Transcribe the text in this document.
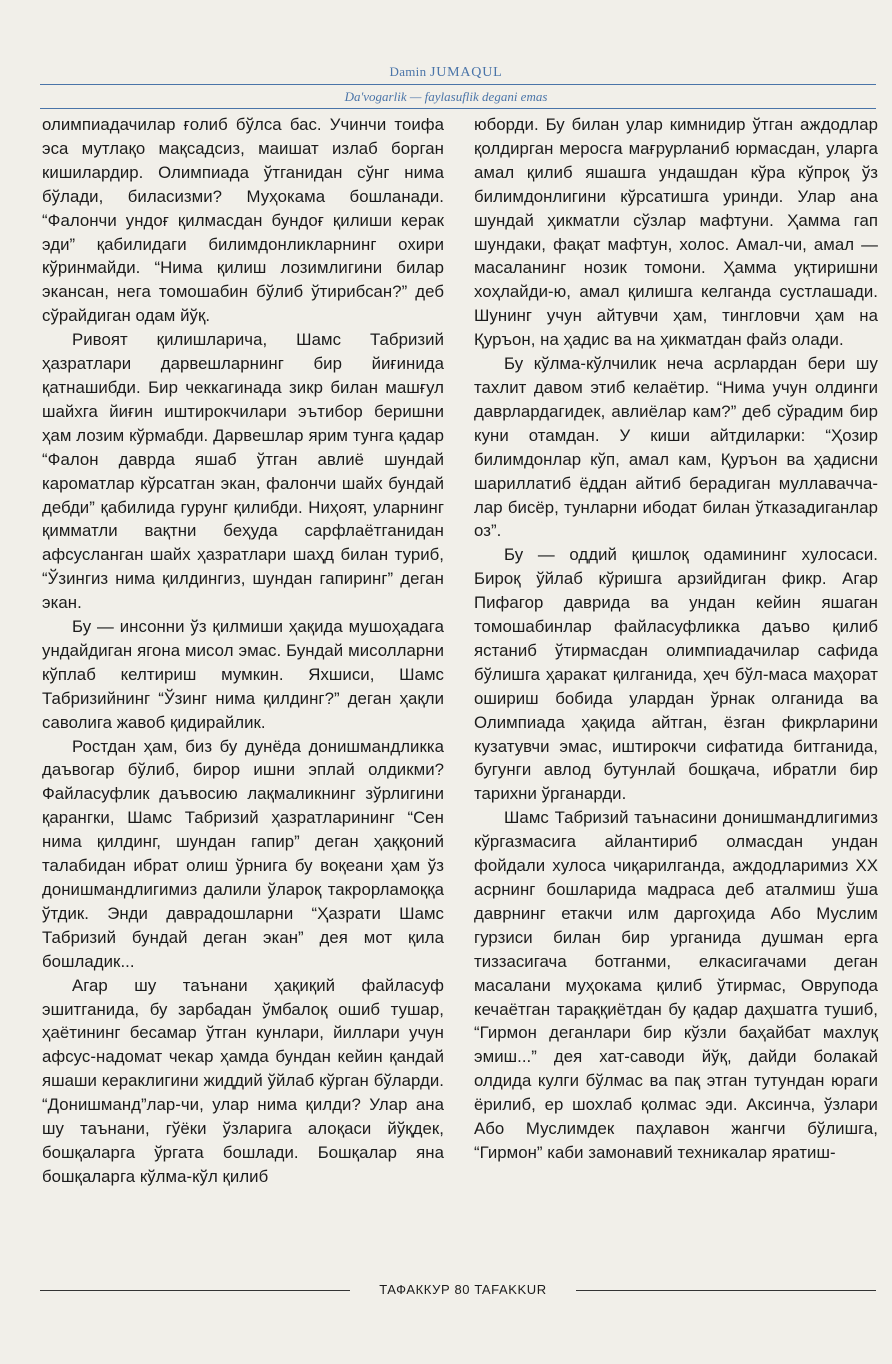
Damin JUMAQUL
Da'vogarlik — faylasuflik degani emas

олимпиадачилар ғолиб бўлса бас. Учинчи тоифа эса мутлақо мақсадсиз, маишат излаб борган кишилардир. Олимпиада ўтганидан сўнг нима бўлади, биласизми? Муҳокама бошланади. “Фалончи ундоғ қилмасдан бундоғ қилиши керак эди” қабилидаги билимдонликларнинг охири кўринмайди. “Нима қилиш лозимлигини билар экансан, нега томошабин бўлиб ўтирибсан?” деб сўрайдиган одам йўқ.

Ривоят қилишларича, Шамс Табризий ҳазратлари дарвешларнинг бир йиғинида қатнашибди. Бир чеккагинада зикр билан машғул шайхга йиғин иштирокчилари эътибор беришни ҳам лозим кўрмабди. Дарвешлар ярим тунга қадар “Фалон даврда яшаб ўтган авлиё шундай кароматлар кўрсатган экан, фалончи шайх бундай дебди” қабилида гурунг қилибди. Ниҳоят, уларнинг қимматли вақтни беҳуда сарфлаётганидан афсусланган шайх ҳазратлари шаҳд билан туриб, “Ўзингиз нима қилдингиз, шундан гапиринг” деган экан.

Бу — инсонни ўз қилмиши ҳақида мушоҳадага ундайдиган ягона мисол эмас. Бундай мисолларни кўплаб келтириш мумкин. Яхшиси, Шамс Табризийнинг “Ўзинг нима қилдинг?” деган ҳақли саволига жавоб қидирайлик.

Ростдан ҳам, биз бу дунёда донишмандликка даъвогар бўлиб, бирор ишни эплай олдикми? Файласуфлик даъвосию лақмаликнинг зўрлигини қарангки, Шамс Табризий ҳазратларининг “Сен нима қилдинг, шундан гапир” деган ҳаққоний талабидан ибрат олиш ўрнига бу воқеани ҳам ўз донишмандлигимиз далили ўлароқ такрорламоққа ўтдик. Энди даврадошларни “Ҳазрати Шамс Табризий бундай деган экан” дея мот қила бошладик...

Агар шу таънани ҳақиқий файласуф эшитганида, бу зарбадан ўмбалоқ ошиб тушар, ҳаётининг бесамар ўтган кунлари, йиллари учун афсус-надомат чекар ҳамда бундан кейин қандай яшаши кераклигини жиддий ўйлаб кўрган бўларди. “Донишманд”лар-чи, улар нима қилди? Улар ана шу таънани, гўёки ўзларига алоқаси йўқдек, бошқаларга ўргата бошлади. Бошқалар яна бошқаларга кўлма-кўл қилиб

юборди. Бу билан улар кимнидир ўтган аждодлар қолдирган меросга мағрурланиб юрмасдан, уларга амал қилиб яшашга ундашдан кўра кўпроқ ўз билимдонлигини кўрсатишга уринди. Улар ана шундай ҳикматли сўзлар мафтуни. Ҳамма гап шундаки, фақат мафтун, холос. Амал-чи, амал — масаланинг нозик томони. Ҳамма уқтиришни хоҳлайди-ю, амал қилишга келганда сустлашади. Шунинг учун айтувчи ҳам, тингловчи ҳам на Қуръон, на ҳадис ва на ҳикматдан файз олади.

Бу кўлма-кўлчилик неча асрлардан бери шу тахлит давом этиб келаётир. “Нима учун олдинги даврлардагидек, авлиёлар кам?” деб сўрадим бир куни отамдан. У киши айтдиларки: “Ҳозир билимдонлар кўп, амал кам, Қуръон ва ҳадисни шариллатиб ёддан айтиб берадиган муллаваччалар бисёр, тунларни ибодат билан ўтказадиганлар оз”.

Бу — оддий қишлоқ одамининг хулосаси. Бироқ ўйлаб кўришга арзийдиган фикр. Агар Пифагор даврида ва ундан кейин яшаган томошабинлар файласуфликка даъво қилиб ястаниб ўтирмасдан олимпиадачилар сафида бўлишга ҳаракат қилганида, ҳеч бўл-маса маҳорат ошириш бобида улардан ўрнак олганида ва Олимпиада ҳақида айтган, ёзган фикрларини кузатувчи эмас, иштирокчи сифатида битганида, бугунги авлод бутунлай бошқача, ибратли бир тарихни ўрганарди.

Шамс Табризий таънасини донишмандлигимиз кўргазмасига айлантириб олмасдан ундан фойдали хулоса чиқарилганда, аждодларимиз XX асрнинг бошларида мадраса деб аталмиш ўша даврнинг етакчи илм даргоҳида Або Муслим гурзиси билан бир урганида душман ерга тиззасигача ботганми, елкасигачами деган масалани муҳокама қилиб ўтирмас, Оврупода кечаётган тараққиётдан бу қадар даҳшатга тушиб, “Гирмон деганлари бир кўзли баҳайбат махлуқ эмиш...” дея хат-саводи йўқ, дайди болакай олдида кулги бўлмас ва пақ этган тутундан юраги ёрилиб, ер шохлаб қолмас эди. Аксинча, ўзлари Або Муслимдек паҳлавон жангчи бўлишга, “Гирмон” каби замонавий техникалар яратиш-

ТАФАККУР 80 TAFAKKUR
